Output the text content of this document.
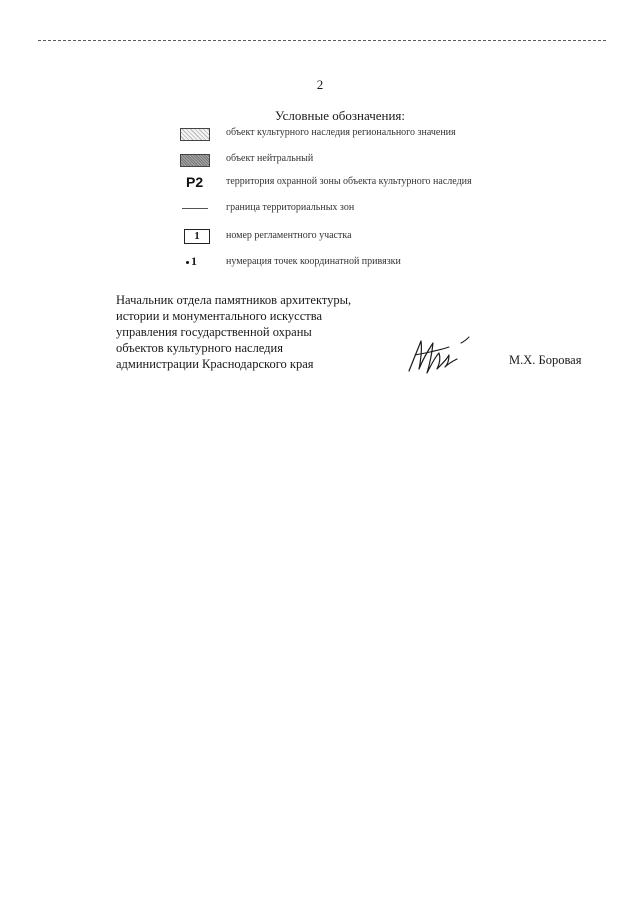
2
Условные обозначения:
объект культурного наследия регионального значения
объект нейтральный
Р2 территория охранной зоны объекта культурного наследия
граница территориальных зон
1	номер регламентного участка
1	нумерация точек координатной привязки
Начальник отдела памятников архитектуры,
истории и монументального искусства
управления государственной охраны
объектов культурного наследия
администрации Краснодарского края	М.Х. Боровая
